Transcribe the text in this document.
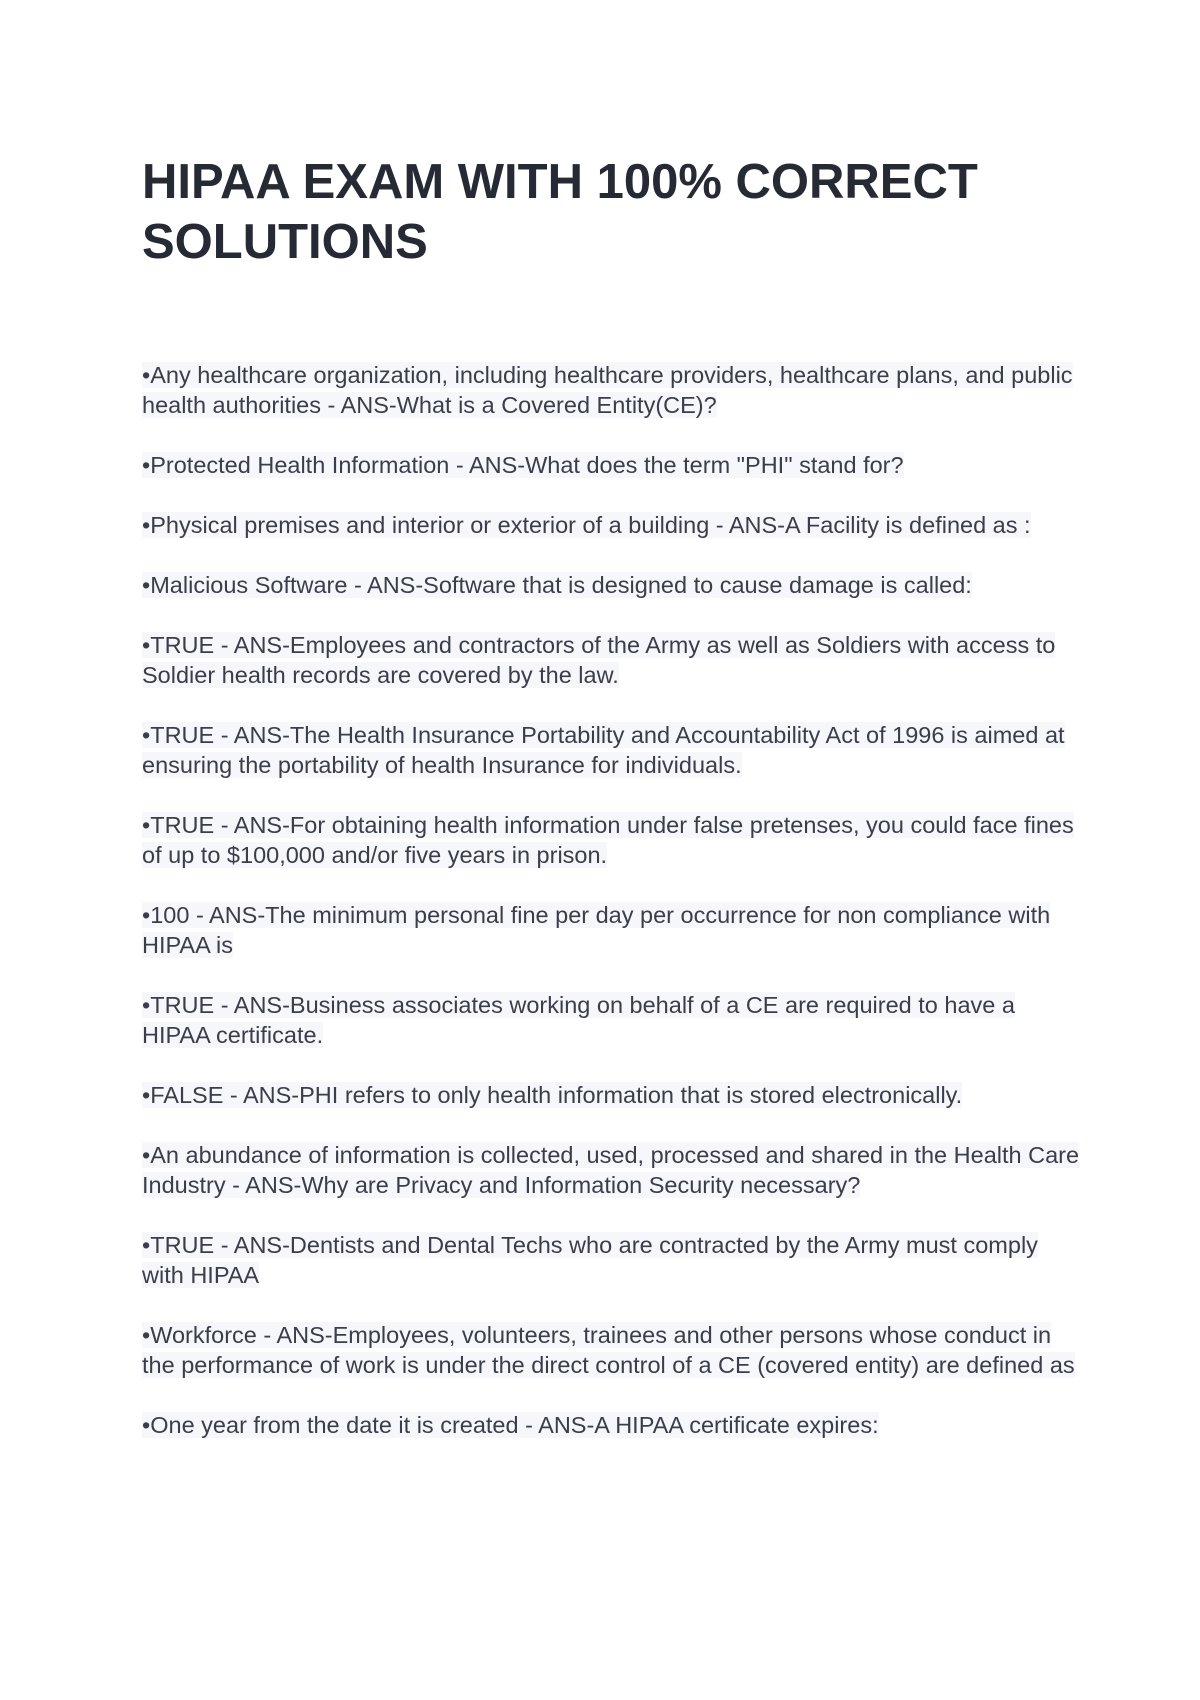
HIPAA EXAM WITH 100% CORRECT SOLUTIONS
•Any healthcare organization, including healthcare providers, healthcare plans, and public health authorities - ANS-What is a Covered Entity(CE)?
•Protected Health Information - ANS-What does the term "PHI" stand for?
•Physical premises and interior or exterior of a building - ANS-A Facility is defined as :
•Malicious Software - ANS-Software that is designed to cause damage is called:
•TRUE - ANS-Employees and contractors of the Army as well as Soldiers with access to Soldier health records are covered by the law.
•TRUE - ANS-The Health Insurance Portability and Accountability Act of 1996 is aimed at ensuring the portability of health Insurance for individuals.
•TRUE - ANS-For obtaining health information under false pretenses, you could face fines of up to $100,000 and/or five years in prison.
•100 - ANS-The minimum personal fine per day per occurrence for non compliance with HIPAA is
•TRUE - ANS-Business associates working on behalf of a CE are required to have a HIPAA certificate.
•FALSE - ANS-PHI refers to only health information that is stored electronically.
•An abundance of information is collected, used, processed and shared in the Health Care Industry - ANS-Why are Privacy and Information Security necessary?
•TRUE - ANS-Dentists and Dental Techs who are contracted by the Army must comply with HIPAA
•Workforce - ANS-Employees, volunteers, trainees and other persons whose conduct in the performance of work is under the direct control of a CE (covered entity) are defined as
•One year from the date it is created - ANS-A HIPAA certificate expires:
